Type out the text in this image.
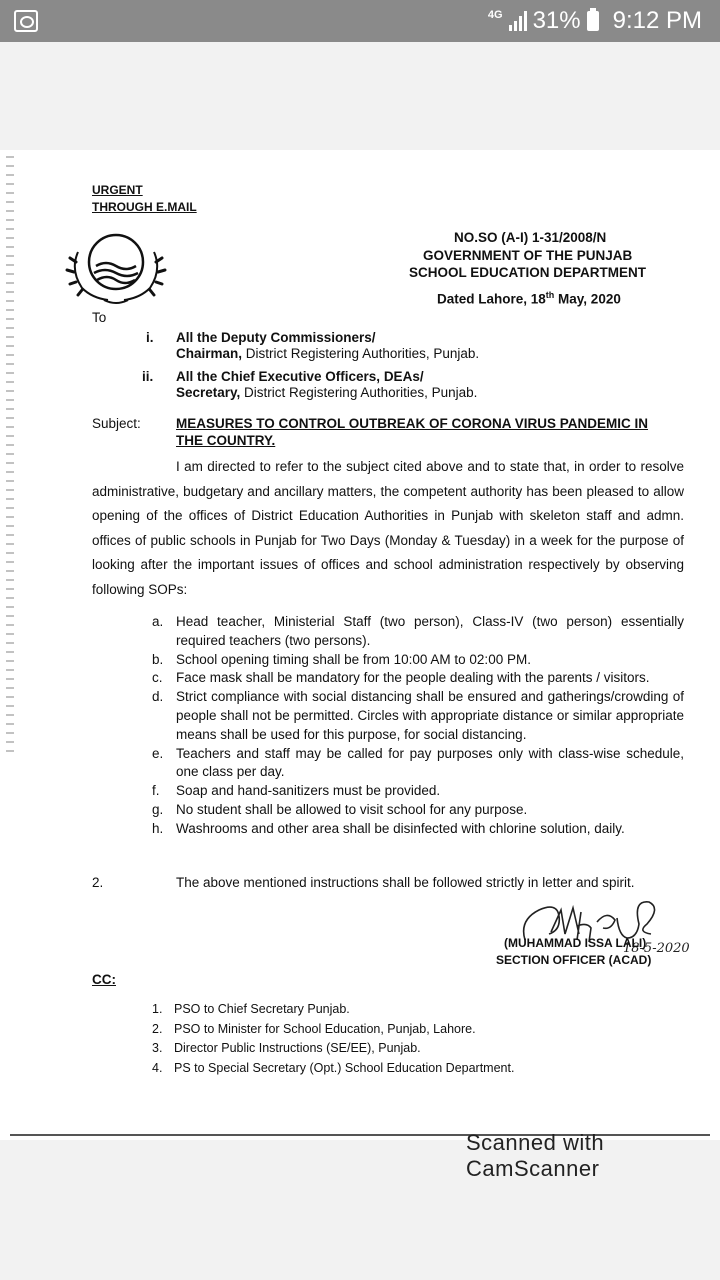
4G 31% 9:12 PM
URGENT
THROUGH E.MAIL
NO.SO (A-I) 1-31/2008/N
GOVERNMENT OF THE PUNJAB
SCHOOL EDUCATION DEPARTMENT
Dated Lahore, 18th May, 2020
To
i. All the Deputy Commissioners/
Chairman, District Registering Authorities, Punjab.
ii. All the Chief Executive Officers, DEAs/
Secretary, District Registering Authorities, Punjab.
Subject:	MEASURES TO CONTROL OUTBREAK OF CORONA VIRUS PANDEMIC IN
THE COUNTRY.
I am directed to refer to the subject cited above and to state that, in order to resolve administrative, budgetary and ancillary matters, the competent authority has been pleased to allow opening of the offices of District Education Authorities in Punjab with skeleton staff and admn. offices of public schools in Punjab for Two Days (Monday & Tuesday) in a week for the purpose of looking after the important issues of offices and school administration respectively by observing following SOPs:
a. Head teacher, Ministerial Staff (two person), Class-IV (two person) essentially required teachers (two persons).
b. School opening timing shall be from 10:00 AM to 02:00 PM.
c. Face mask shall be mandatory for the people dealing with the parents / visitors.
d. Strict compliance with social distancing shall be ensured and gatherings/crowding of people shall not be permitted. Circles with appropriate distance or similar appropriate means shall be used for this purpose, for social distancing.
e. Teachers and staff may be called for pay purposes only with class-wise schedule, one class per day.
f.	Soap and hand-sanitizers must be provided.
g. No student shall be allowed to visit school for any purpose.
h. Washrooms and other area shall be disinfected with chlorine solution, daily.
2.	The above mentioned instructions shall be followed strictly in letter and spirit.
18-5-2020
(MUHAMMAD ISSA LALI)
SECTION OFFICER (ACAD)
CC:
1. PSO to Chief Secretary Punjab.
2. PSO to Minister for School Education, Punjab, Lahore.
3. Director Public Instructions (SE/EE), Punjab.
4. PS to Special Secretary (Opt.) School Education Department.
Scanned with CamScanner
